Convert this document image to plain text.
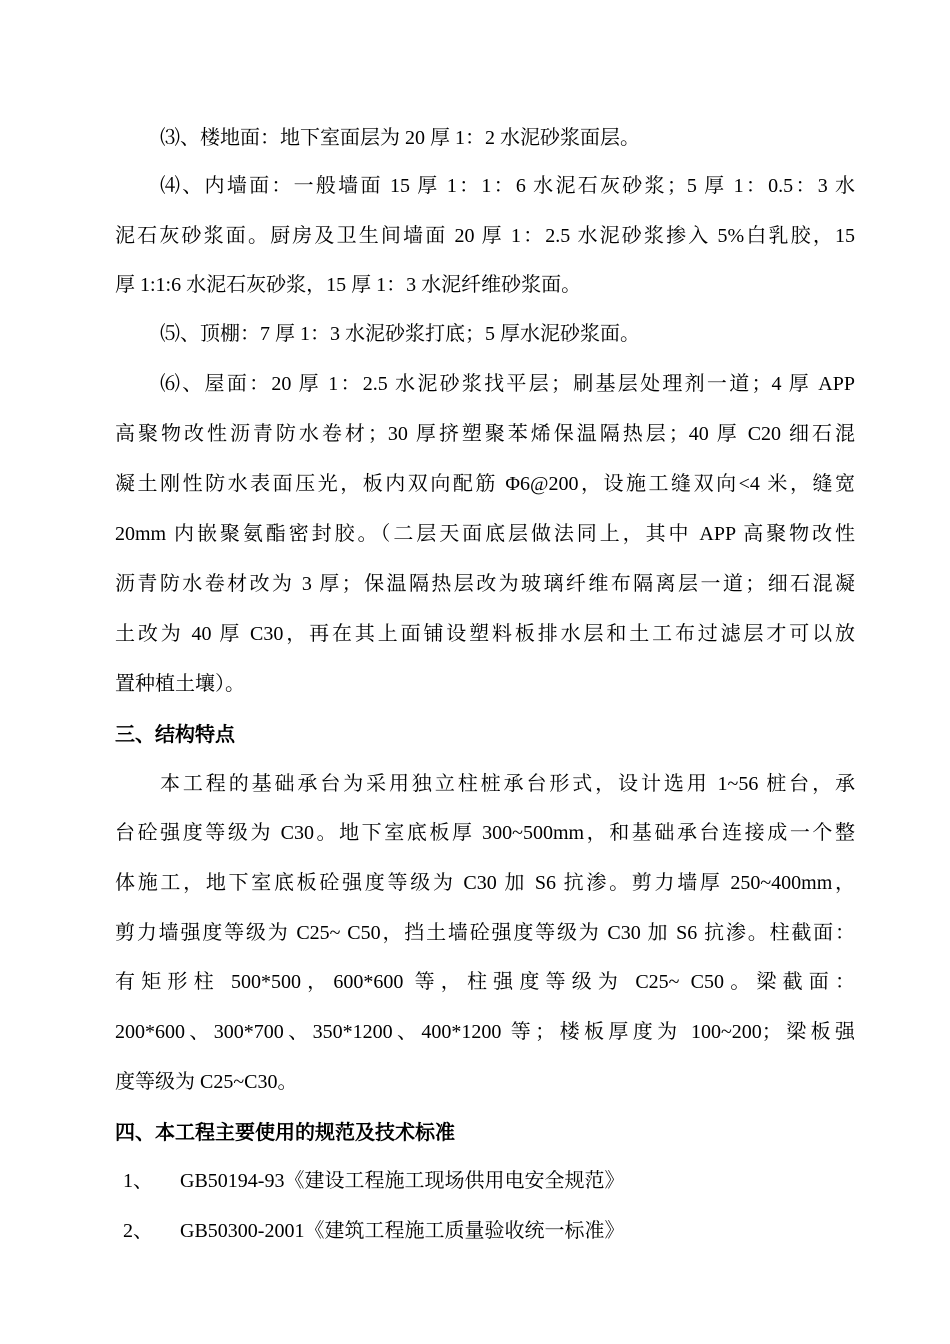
⑶、楼地面：地下室面层为 20 厚 1：2 水泥砂浆面层。
⑷、内墙面：一般墙面 15 厚 1：1：6 水泥石灰砂浆；5 厚 1：0.5：3 水
泥石灰砂浆面。厨房及卫生间墙面 20 厚 1：2.5 水泥砂浆掺入 5%白乳胶，15
厚 1:1:6 水泥石灰砂浆，15 厚 1：3 水泥纤维砂浆面。
⑸、顶棚：7 厚 1：3 水泥砂浆打底；5 厚水泥砂浆面。
⑹、屋面：20 厚 1：2.5 水泥砂浆找平层；刷基层处理剂一道；4 厚 APP
高聚物改性沥青防水卷材；30 厚挤塑聚苯烯保温隔热层；40 厚 C20 细石混
凝土刚性防水表面压光，板内双向配筋 Φ6@200，设施工缝双向<4 米，缝宽
20mm 内嵌聚氨酯密封胶。（二层天面底层做法同上，其中 APP 高聚物改性
沥青防水卷材改为 3 厚；保温隔热层改为玻璃纤维布隔离层一道；细石混凝
土改为 40 厚 C30，再在其上面铺设塑料板排水层和土工布过滤层才可以放
置种植土壤）。
三、结构特点
本工程的基础承台为采用独立柱桩承台形式，设计选用 1~56 桩台，承
台砼强度等级为 C30。地下室底板厚 300~500mm，和基础承台连接成一个整
体施工，地下室底板砼强度等级为 C30 加 S6 抗渗。剪力墙厚 250~400mm，
剪力墙强度等级为 C25~ C50，挡土墙砼强度等级为 C30 加 S6 抗渗。柱截面：
有矩形柱 500*500，600*600 等，柱强度等级为 C25~ C50。梁截面：
200*600、300*700、350*1200、400*1200 等；楼板厚度为 100~200；梁板强
度等级为 C25~C30。
四、本工程主要使用的规范及技术标准
1、 GB50194-93《建设工程施工现场供用电安全规范》
2、 GB50300-2001《建筑工程施工质量验收统一标准》
